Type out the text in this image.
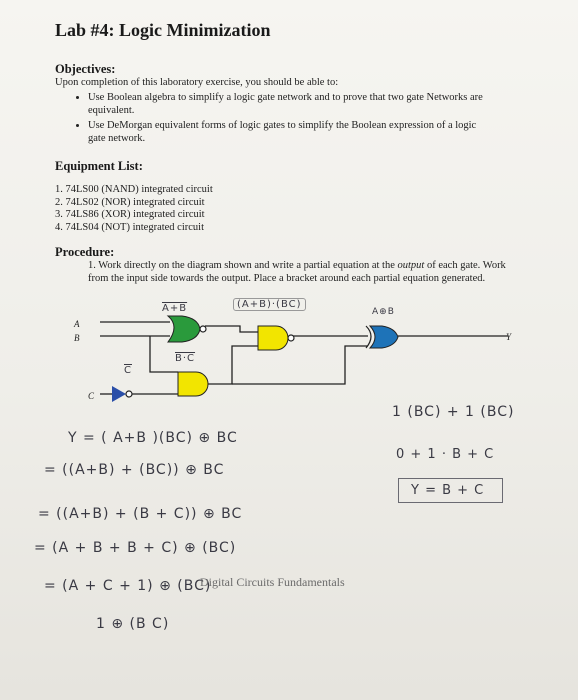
Lab #4: Logic Minimization
Objectives:
Upon completion of this laboratory exercise, you should be able to:
• Use Boolean algebra to simplify a logic gate network and to prove that two gate Networks are equivalent.
• Use DeMorgan equivalent forms of logic gates to simplify the Boolean expression of a logic gate network.
Equipment List:
1. 74LS00 (NAND) integrated circuit
2. 74LS02 (NOR) integrated circuit
3. 74LS86 (XOR) integrated circuit
4. 74LS04 (NOT) integrated circuit
Procedure:
1. Work directly on the diagram shown and write a partial equation at the output of each gate. Work from the input side towards the output. Place a bracket around each partial equation generated.
A
B
C
Y
A+B	(A+B)·(BC)
A⊕B
B·C
$\overline{C}$
Y = ( A+B )(BC) ⊕ BC
= ((A+B) + (BC)) ⊕ BC
= ((A+B) + (B + C)) ⊕ BC
= (A + B + B + C) ⊕ (BC)
= (A + C + 1) ⊕ (BC)
1 ⊕ (B C)
1 (BC) + 1 (BC)
0 + 1 · B + C
Y = B + C
Digital Circuits Fundamentals
